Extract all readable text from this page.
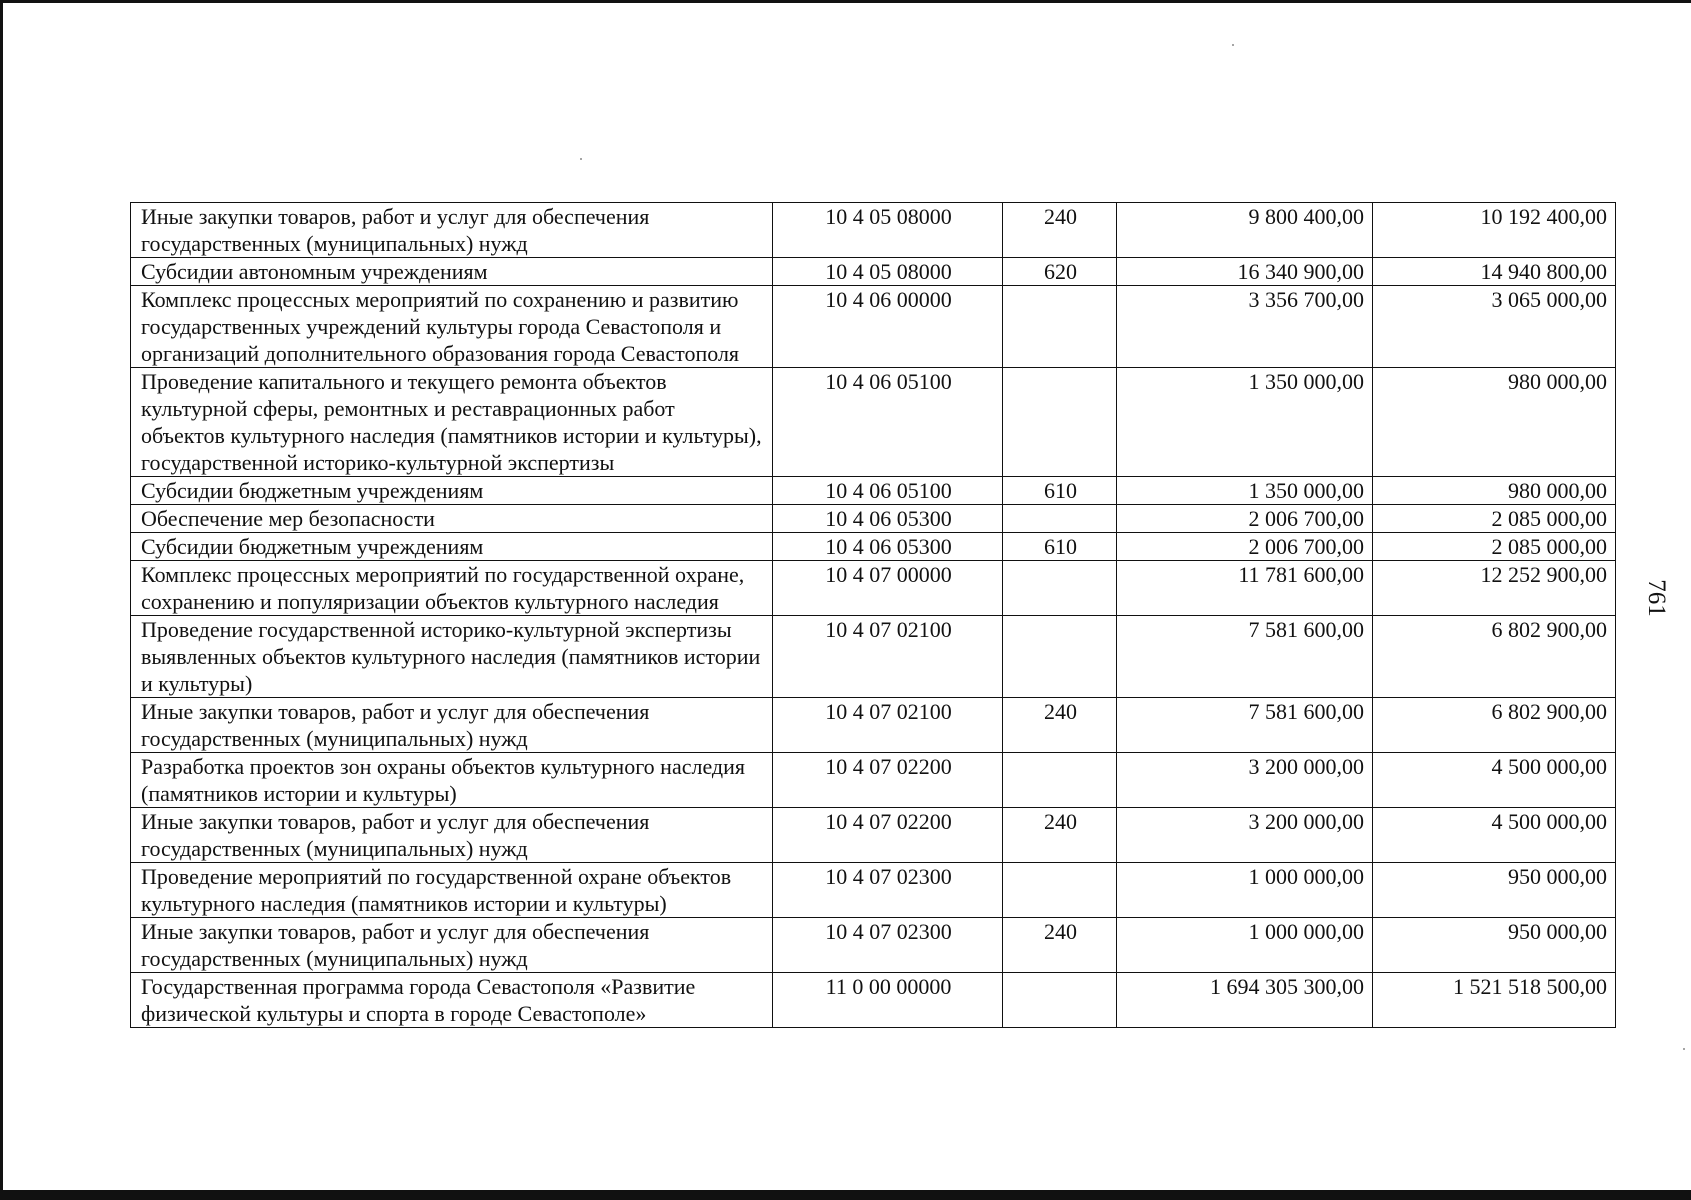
761
Иные закупки товаров, работ и услуг для обеспечения государственных (муниципальных) нужд	10 4 05 08000	240	9 800 400,00	10 192 400,00
Субсидии автономным учреждениям	10 4 05 08000	620	16 340 900,00	14 940 800,00
Комплекс процессных мероприятий по сохранению и развитию государственных учреждений культуры города Севастополя и организаций дополнительного образования города Севастополя	10 4 06 00000		3 356 700,00	3 065 000,00
Проведение капитального и текущего ремонта объектов культурной сферы, ремонтных и реставрационных работ объектов культурного наследия (памятников истории и культуры), государственной историко-культурной экспертизы	10 4 06 05100		1 350 000,00	980 000,00
Субсидии бюджетным учреждениям	10 4 06 05100	610	1 350 000,00	980 000,00
Обеспечение мер безопасности	10 4 06 05300		2 006 700,00	2 085 000,00
Субсидии бюджетным учреждениям	10 4 06 05300	610	2 006 700,00	2 085 000,00
Комплекс процессных мероприятий по государственной охране, сохранению и популяризации объектов культурного наследия	10 4 07 00000		11 781 600,00	12 252 900,00
Проведение государственной историко-культурной экспертизы выявленных объектов культурного наследия (памятников истории и культуры)	10 4 07 02100		7 581 600,00	6 802 900,00
Иные закупки товаров, работ и услуг для обеспечения государственных (муниципальных) нужд	10 4 07 02100	240	7 581 600,00	6 802 900,00
Разработка проектов зон охраны объектов культурного наследия (памятников истории и культуры)	10 4 07 02200		3 200 000,00	4 500 000,00
Иные закупки товаров, работ и услуг для обеспечения государственных (муниципальных) нужд	10 4 07 02200	240	3 200 000,00	4 500 000,00
Проведение мероприятий по государственной охране объектов культурного наследия (памятников истории и культуры)	10 4 07 02300		1 000 000,00	950 000,00
Иные закупки товаров, работ и услуг для обеспечения государственных (муниципальных) нужд	10 4 07 02300	240	1 000 000,00	950 000,00
Государственная программа города Севастополя «Развитие физической культуры и спорта в городе Севастополе»	11 0 00 00000		1 694 305 300,00	1 521 518 500,00
